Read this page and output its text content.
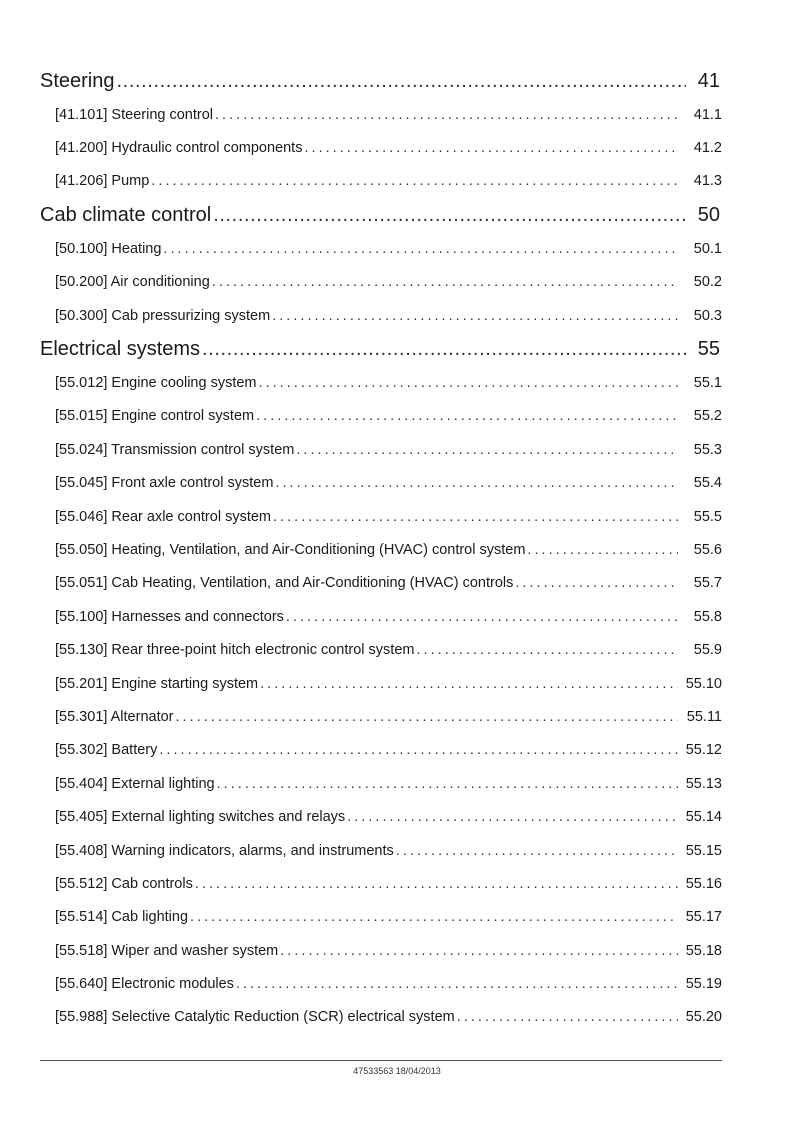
Steering .....	41
[41.101] Steering control . . .	41.1
[41.200] Hydraulic control components . . .	41.2
[41.206] Pump . . .	41.3
Cab climate control .....	50
[50.100] Heating . . .	50.1
[50.200] Air conditioning . . .	50.2
[50.300] Cab pressurizing system . . .	50.3
Electrical systems .....	55
[55.012] Engine cooling system . . .	55.1
[55.015] Engine control system . . .	55.2
[55.024] Transmission control system . . .	55.3
[55.045] Front axle control system . . .	55.4
[55.046] Rear axle control system . . .	55.5
[55.050] Heating, Ventilation, and Air-Conditioning (HVAC) control system . . .	55.6
[55.051] Cab Heating, Ventilation, and Air-Conditioning (HVAC) controls . . .	55.7
[55.100] Harnesses and connectors . . .	55.8
[55.130] Rear three-point hitch electronic control system . . .	55.9
[55.201] Engine starting system . . .	55.10
[55.301] Alternator . . .	55.11
[55.302] Battery . . .	55.12
[55.404] External lighting . . .	55.13
[55.405] External lighting switches and relays . . .	55.14
[55.408] Warning indicators, alarms, and instruments . . .	55.15
[55.512] Cab controls . . .	55.16
[55.514] Cab lighting . . .	55.17
[55.518] Wiper and washer system . . .	55.18
[55.640] Electronic modules . . .	55.19
[55.988] Selective Catalytic Reduction (SCR) electrical system . . .	55.20
47533563 18/04/2013
